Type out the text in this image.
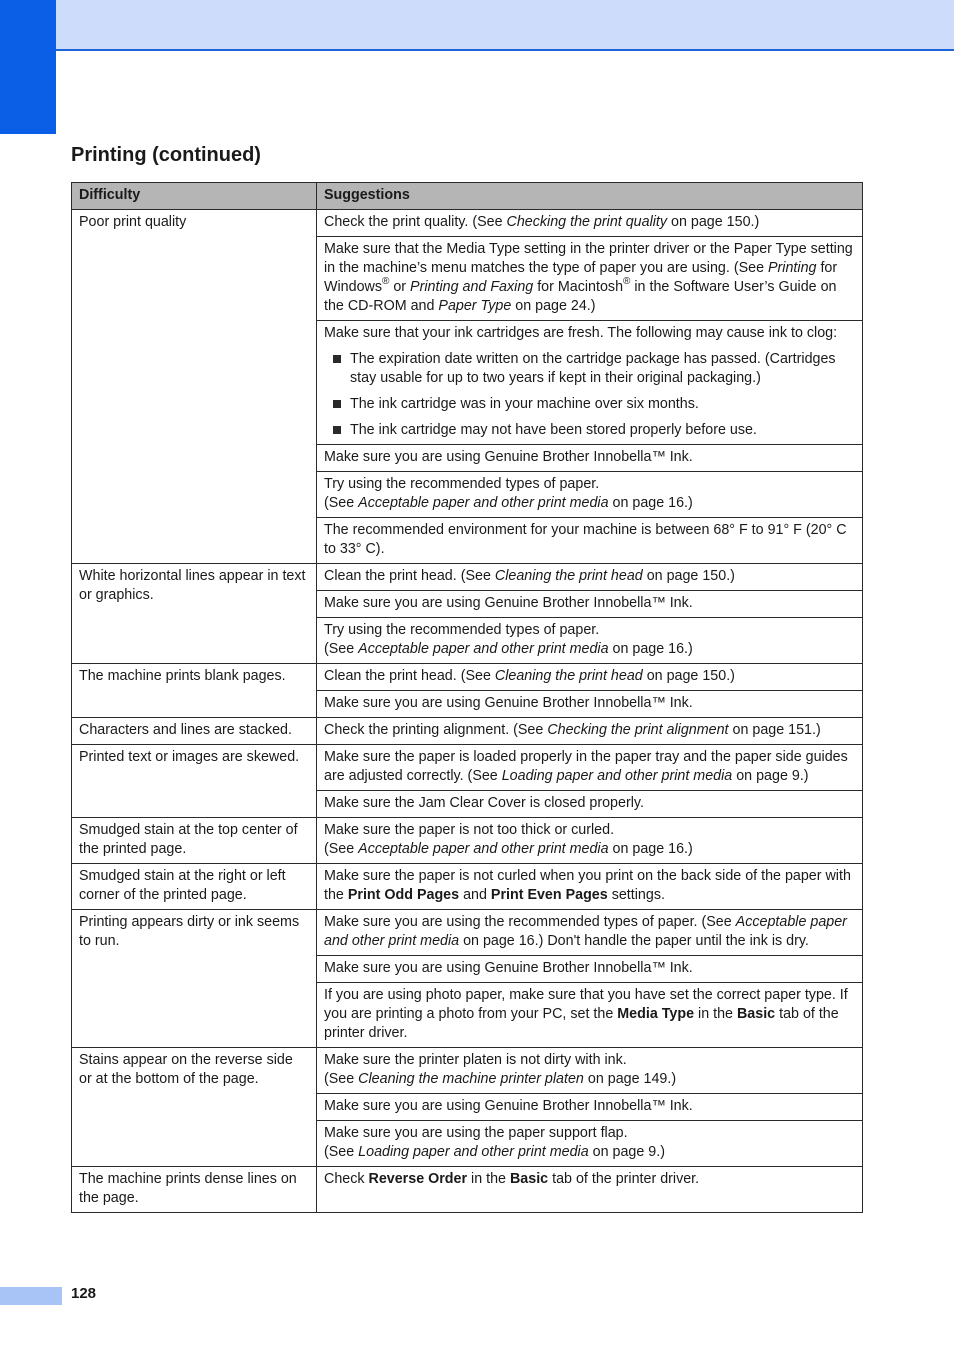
Printing (continued)
Difficulty	Suggestions
Poor print quality	Check the print quality. (See Checking the print quality on page 150.)

	Make sure that the Media Type setting in the printer driver or the Paper Type setting in the machine’s menu matches the type of paper you are using. (See Printing for Windows® or Printing and Faxing for Macintosh® in the Software User’s Guide on the CD-ROM and Paper Type on page 24.)

	Make sure that your ink cartridges are fresh. The following may cause ink to clog:

The expiration date written on the cartridge package has passed. (Cartridges stay usable for up to two years if kept in their original packaging.)
The ink cartridge was in your machine over six months.
The ink cartridge may not have been stored properly before use.

	Make sure you are using Genuine Brother Innobella™ Ink.

	Try using the recommended types of paper.
(See Acceptable paper and other print media on page 16.)

	The recommended environment for your machine is between 68° F to 91° F (20° C to 33° C).

White horizontal lines appear in text or graphics.	Clean the print head. (See Cleaning the print head on page 150.)

	Make sure you are using Genuine Brother Innobella™ Ink.

	Try using the recommended types of paper.
(See Acceptable paper and other print media on page 16.)

The machine prints blank pages.	Clean the print head. (See Cleaning the print head on page 150.)

	Make sure you are using Genuine Brother Innobella™ Ink.

Characters and lines are stacked.	Check the printing alignment. (See Checking the print alignment on page 151.)

Printed text or images are skewed.	Make sure the paper is loaded properly in the paper tray and the paper side guides are adjusted correctly. (See Loading paper and other print media on page 9.)

	Make sure the Jam Clear Cover is closed properly.

Smudged stain at the top center of the printed page.	Make sure the paper is not too thick or curled.
(See Acceptable paper and other print media on page 16.)

Smudged stain at the right or left corner of the printed page.	Make sure the paper is not curled when you print on the back side of the paper with the Print Odd Pages and Print Even Pages settings.

Printing appears dirty or ink seems to run.	Make sure you are using the recommended types of paper. (See Acceptable paper and other print media on page 16.) Don't handle the paper until the ink is dry.

	Make sure you are using Genuine Brother Innobella™ Ink.

	If you are using photo paper, make sure that you have set the correct paper type. If you are printing a photo from your PC, set the Media Type in the Basic tab of the printer driver.

Stains appear on the reverse side or at the bottom of the page.	Make sure the printer platen is not dirty with ink.
(See Cleaning the machine printer platen on page 149.)

	Make sure you are using Genuine Brother Innobella™ Ink.

	Make sure you are using the paper support flap.
(See Loading paper and other print media on page 9.)

The machine prints dense lines on the page.	Check Reverse Order in the Basic tab of the printer driver.

128
